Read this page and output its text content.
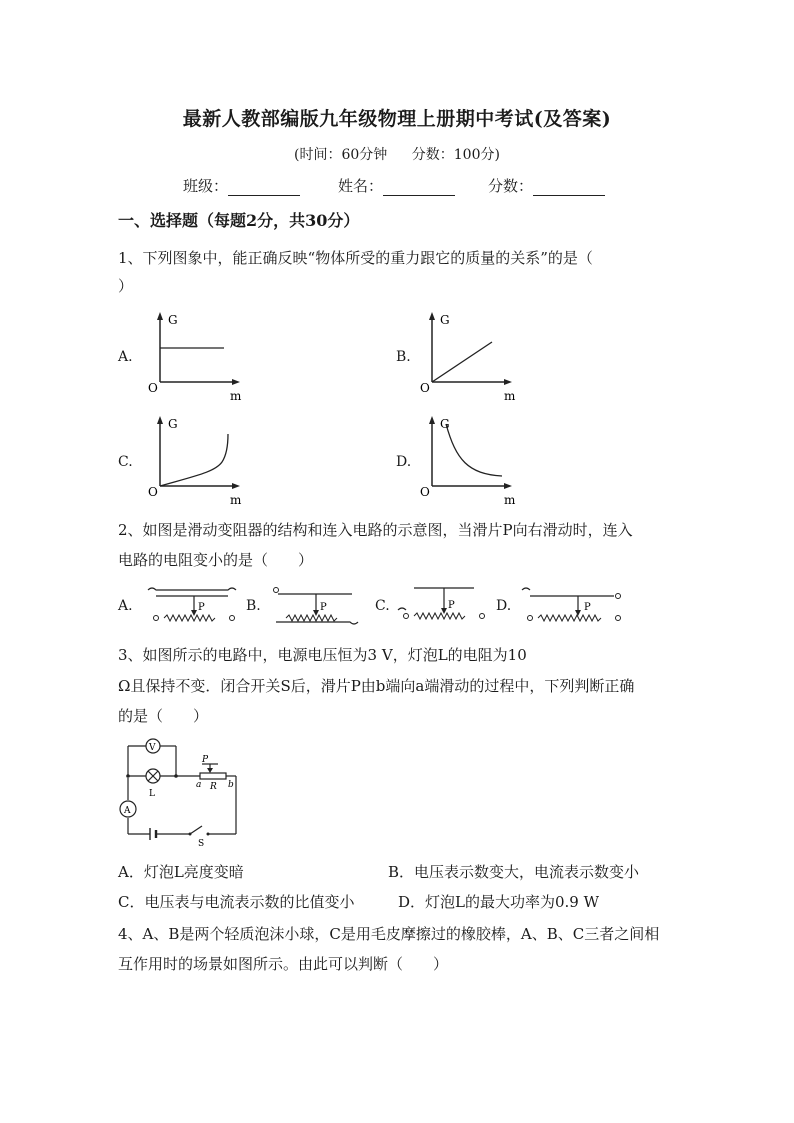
最新人教部编版九年级物理上册期中考试(及答案)
(时间：60分钟 分数：100分)
班级：	姓名：	分数：
一、选择题（每题2分，共30分）
1、下列图象中，能正确反映“物体所受的重力跟它的质量的关系”的是（
）
A.	B.
C.	D.
G
O
m
G
O
m
G
O
m
G
O
m
2、如图是滑动变阻器的结构和连入电路的示意图，当滑片P向右滑动时，连入
电路的电阻变小的是（　　）
A.	B.	C.	D.
P	P	P	P
3、如图所示的电路中，电源电压恒为3 V，灯泡L的电阻为10
Ω且保持不变．闭合开关S后，滑片P由b端向a端滑动的过程中，下列判断正确
的是（　　）
V
A
L
P
R
a	b
S
A．灯泡L亮度变暗	B．电压表示数变大，电流表示数变小
C．电压表与电流表示数的比值变小	D．灯泡L的最大功率为0.9 W
4、A、B是两个轻质泡沫小球，C是用毛皮摩擦过的橡胶棒，A、B、C三者之间相
互作用时的场景如图所示。由此可以判断（　　）
